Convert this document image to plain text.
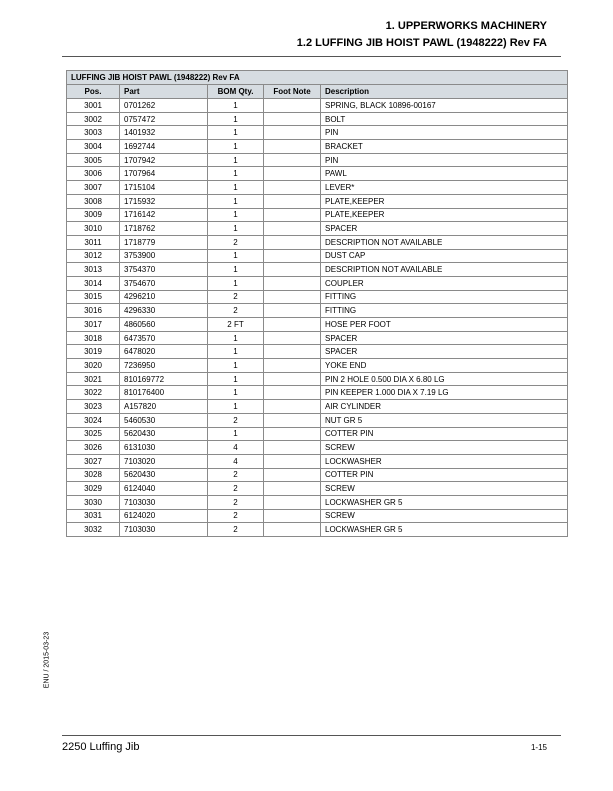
1. UPPERWORKS MACHINERY
1.2 LUFFING JIB HOIST PAWL (1948222) Rev FA
LUFFING JIB HOIST PAWL (1948222) Rev FA				
Pos.	Part	BOM Qty.	Foot Note	Description
3001	0701262	1		SPRING, BLACK 10896-00167
3002	0757472	1		BOLT
3003	1401932	1		PIN
3004	1692744	1		BRACKET
3005	1707942	1		PIN
3006	1707964	1		PAWL
3007	1715104	1		LEVER*
3008	1715932	1		PLATE,KEEPER
3009	1716142	1		PLATE,KEEPER
3010	1718762	1		SPACER
3011	1718779	2		DESCRIPTION NOT AVAILABLE
3012	3753900	1		DUST CAP
3013	3754370	1		DESCRIPTION NOT AVAILABLE
3014	3754670	1		COUPLER
3015	4296210	2		FITTING
3016	4296330	2		FITTING
3017	4860560	2 FT		HOSE PER FOOT
3018	6473570	1		SPACER
3019	6478020	1		SPACER
3020	7236950	1		YOKE END
3021	810169772	1		PIN 2 HOLE 0.500 DIA X 6.80 LG
3022	810176400	1		PIN KEEPER 1.000 DIA X 7.19 LG
3023	A157820	1		AIR CYLINDER
3024	5460530	2		NUT GR 5
3025	5620430	1		COTTER PIN
3026	6131030	4		SCREW
3027	7103020	4		LOCKWASHER
3028	5620430	2		COTTER PIN
3029	6124040	2		SCREW
3030	7103030	2		LOCKWASHER GR 5
3031	6124020	2		SCREW
3032	7103030	2		LOCKWASHER GR 5
ENU / 2015-03-23
2250 Luffing Jib	1-15
